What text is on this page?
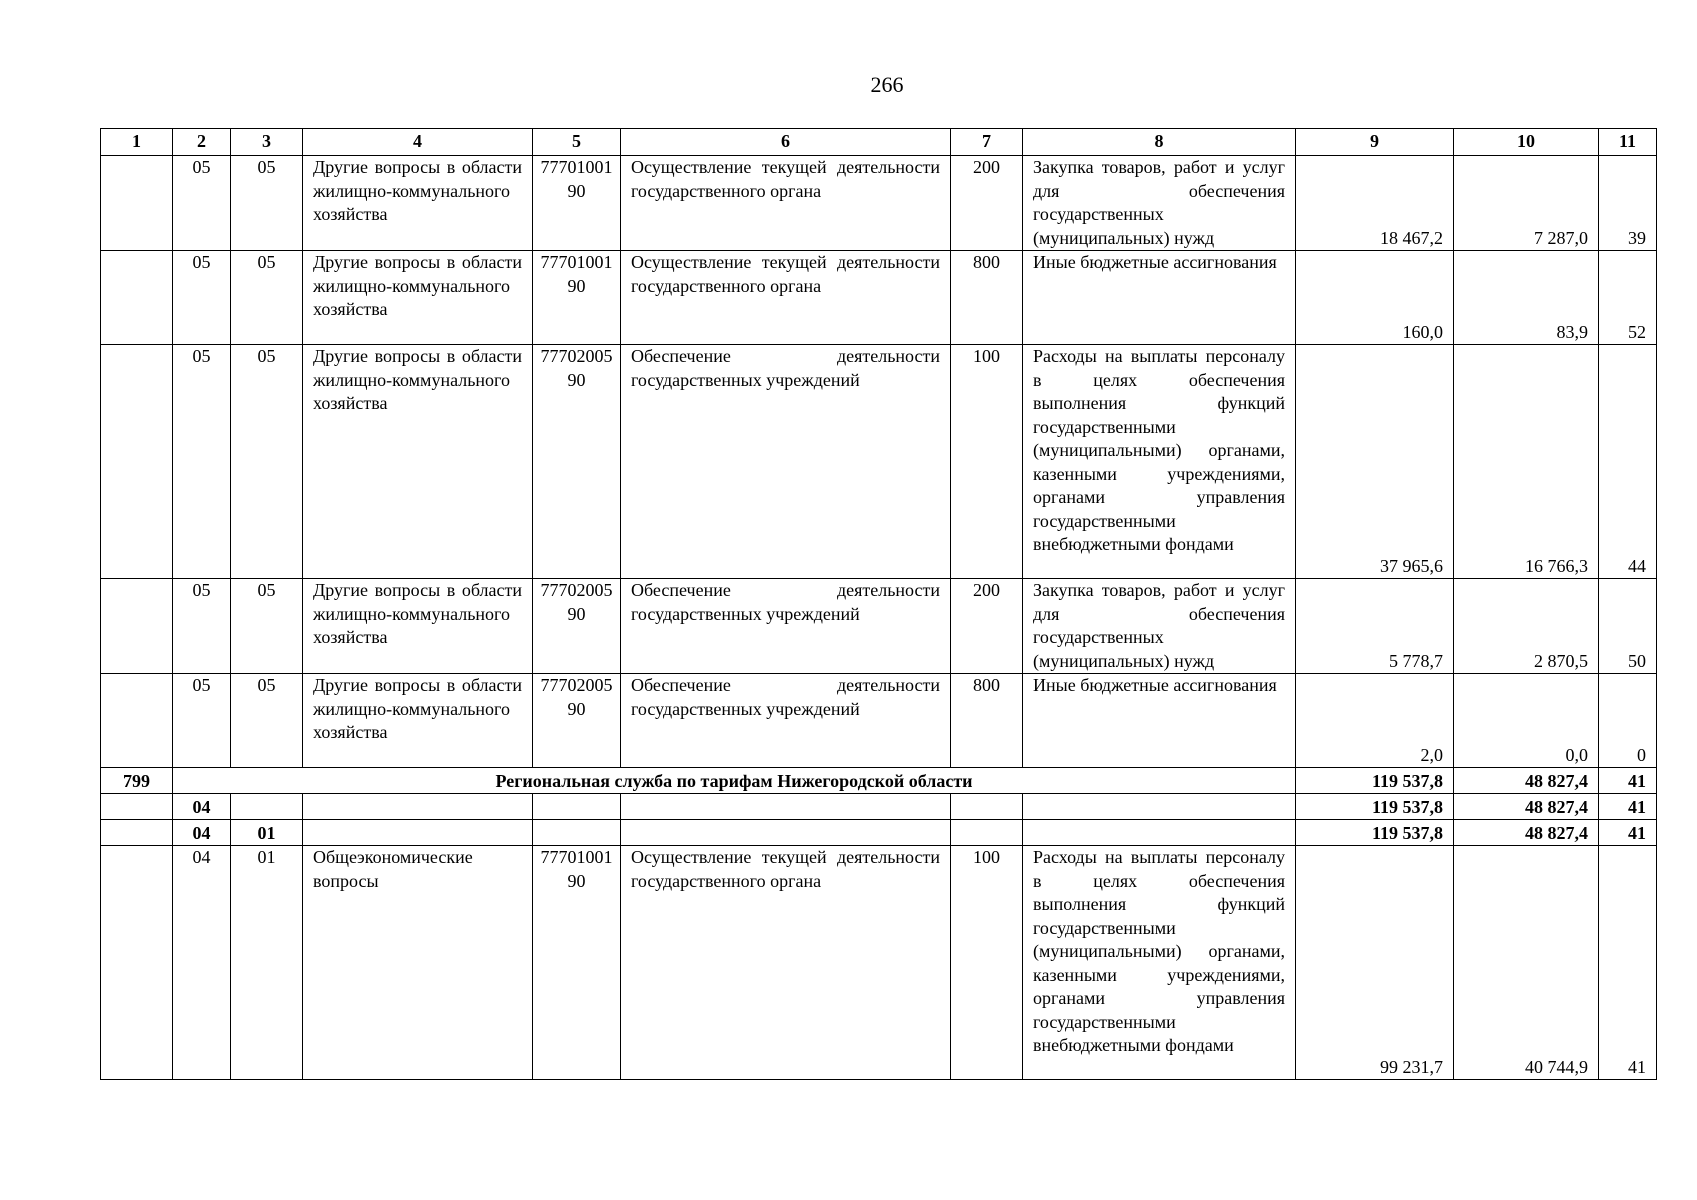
266
1	2	3	4	5	6	7	8	9	10	11
	05	05	Другие вопросы в области жилищно-коммунального хозяйства	7770100190	Осуществление текущей деятельности государственного органа	200	Закупка товаров, работ и услуг для обеспечения государственных (муниципальных) нужд	18 467,2	7 287,0	39
	05	05	Другие вопросы в области жилищно-коммунального хозяйства	7770100190	Осуществление текущей деятельности государственного органа	800	Иные бюджетные ассигнования	160,0	83,9	52
	05	05	Другие вопросы в области жилищно-коммунального хозяйства	7770200590	Обеспечение деятельности государственных учреждений	100	Расходы на выплаты персоналу в целях обеспечения выполнения функций государственными (муниципальными) органами, казенными учреждениями, органами управления государственными внебюджетными фондами	37 965,6	16 766,3	44
	05	05	Другие вопросы в области жилищно-коммунального хозяйства	7770200590	Обеспечение деятельности государственных учреждений	200	Закупка товаров, работ и услуг для обеспечения государственных (муниципальных) нужд	5 778,7	2 870,5	50
	05	05	Другие вопросы в области жилищно-коммунального хозяйства	7770200590	Обеспечение деятельности государственных учреждений	800	Иные бюджетные ассигнования	2,0	0,0	0
799	Региональная служба по тарифам Нижегородской области							119 537,8	48 827,4	41
	04							119 537,8	48 827,4	41
	04	01						119 537,8	48 827,4	41
	04	01	Общеэкономические вопросы	7770100190	Осуществление текущей деятельности государственного органа	100	Расходы на выплаты персоналу в целях обеспечения выполнения функций государственными (муниципальными) органами, казенными учреждениями, органами управления государственными внебюджетными фондами	99 231,7	40 744,9	41
